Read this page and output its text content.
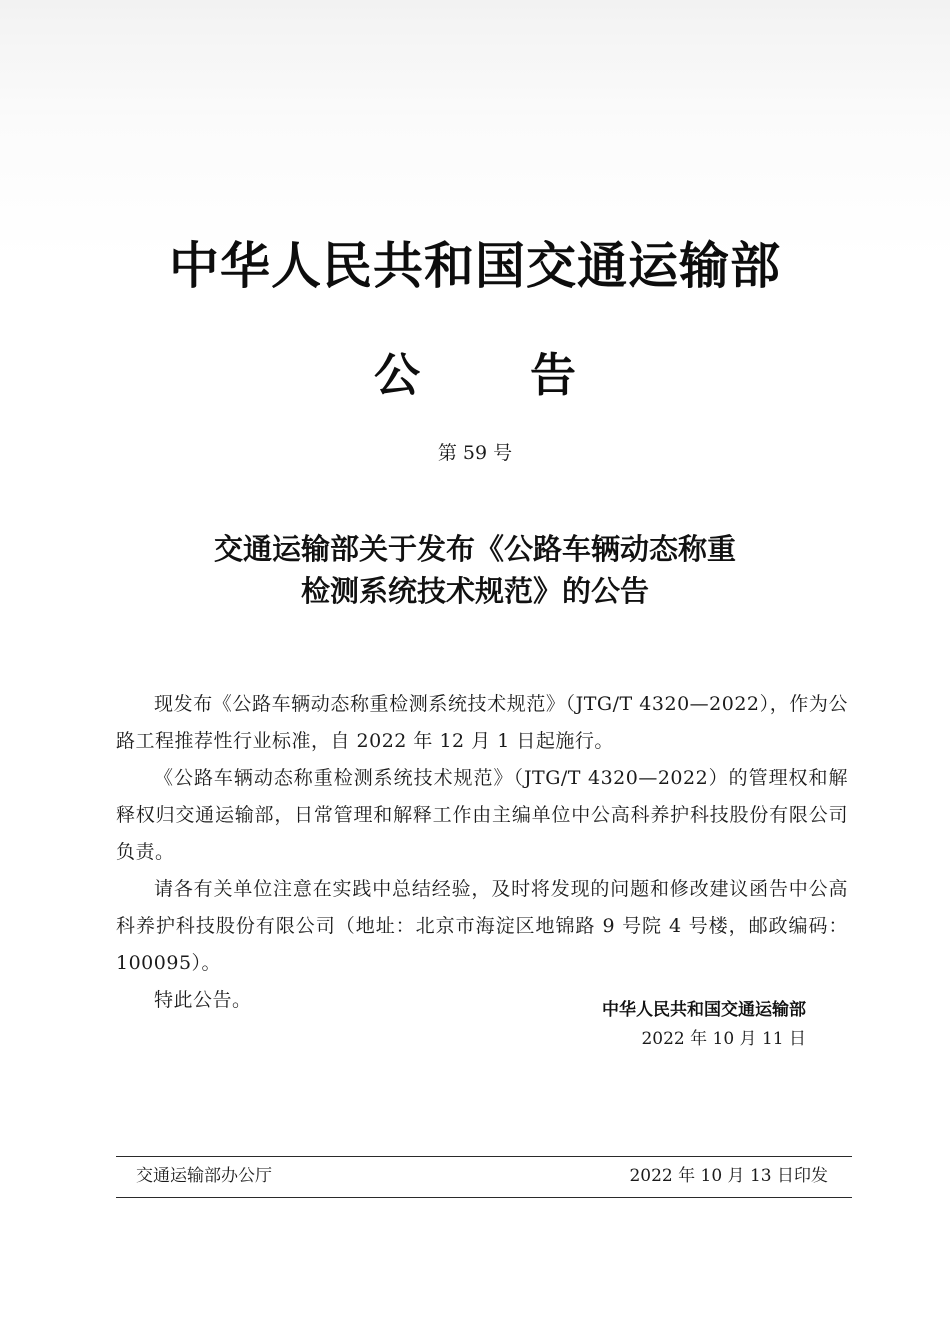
中华人民共和国交通运输部
公 告
第 59 号
交通运输部关于发布《公路车辆动态称重
检测系统技术规范》的公告

现发布《公路车辆动态称重检测系统技术规范》（JTG/T 4320—2022），作为公路工程推荐性行业标准，自 2022 年 12 月 1 日起施行。

《公路车辆动态称重检测系统技术规范》（JTG/T 4320—2022）的管理权和解释权归交通运输部，日常管理和解释工作由主编单位中公高科养护科技股份有限公司负责。

请各有关单位注意在实践中总结经验，及时将发现的问题和修改建议函告中公高科养护科技股份有限公司（地址：北京市海淀区地锦路 9 号院 4 号楼，邮政编码：100095）。

特此公告。	中华人民共和国交通运输部
2022 年 10 月 11 日
交通运输部办公厅	2022 年 10 月 13 日印发
